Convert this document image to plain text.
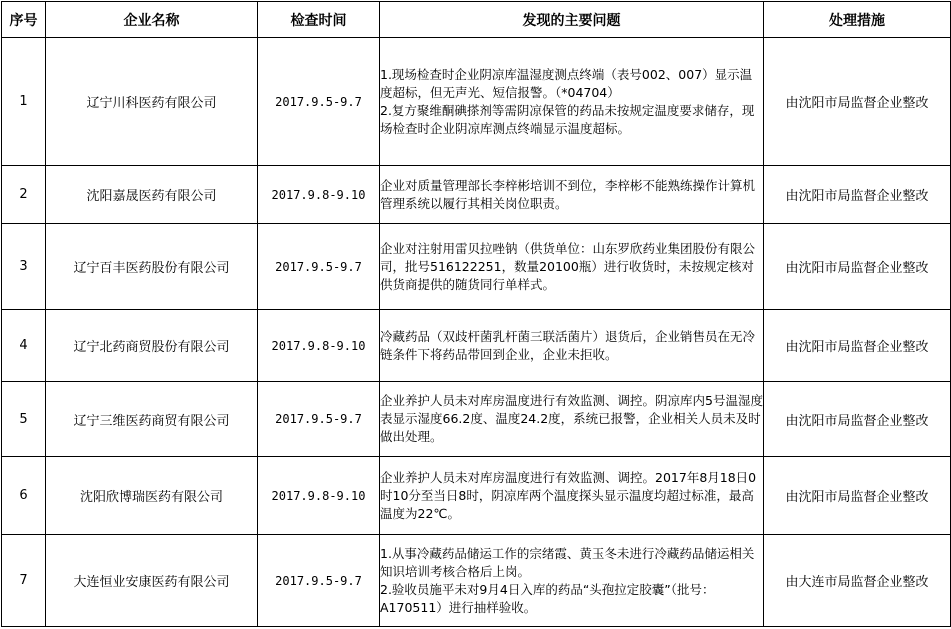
序号	企业名称	检查时间	发现的主要问题	处理措施
1	辽宁川科医药有限公司	2017.9.5-9.7	1.现场检查时企业阴凉库温湿度测点终端（表号002、007）显示温度超标，但无声光、短信报警。（*04704）
2.复方聚维酮碘搽剂等需阴凉保管的药品未按规定温度要求储存，现场检查时企业阴凉库测点终端显示温度超标。	由沈阳市局监督企业整改
2	沈阳嘉晟医药有限公司	2017.9.8-9.10	企业对质量管理部长李梓彬培训不到位，李梓彬不能熟练操作计算机管理系统以履行其相关岗位职责。	由沈阳市局监督企业整改
3	辽宁百丰医药股份有限公司	2017.9.5-9.7	企业对注射用雷贝拉唑钠（供货单位：山东罗欣药业集团股份有限公司，批号516122251，数量20100瓶）进行收货时，未按规定核对供货商提供的随货同行单样式。	由沈阳市局监督企业整改
4	辽宁北药商贸股份有限公司	2017.9.8-9.10	冷藏药品（双歧杆菌乳杆菌三联活菌片）退货后，企业销售员在无冷链条件下将药品带回到企业，企业未拒收。	由沈阳市局监督企业整改
5	辽宁三维医药商贸有限公司	2017.9.5-9.7	企业养护人员未对库房温度进行有效监测、调控。阴凉库内5号温湿度表显示湿度66.2度、温度24.2度，系统已报警，企业相关人员未及时做出处理。	由沈阳市局监督企业整改
6	沈阳欣博瑞医药有限公司	2017.9.8-9.10	企业养护人员未对库房温度进行有效监测、调控。2017年8月18日0时10分至当日8时，阴凉库两个温度探头显示温度均超过标准，最高温度为22℃。	由沈阳市局监督企业整改
7	大连恒业安康医药有限公司	2017.9.5-9.7	1.从事冷藏药品储运工作的宗绪霞、黄玉冬未进行冷藏药品储运相关知识培训考核合格后上岗。
2.验收员施平未对9月4日入库的药品“头孢拉定胶囊”（批号：A170511）进行抽样验收。	由大连市局监督企业整改
